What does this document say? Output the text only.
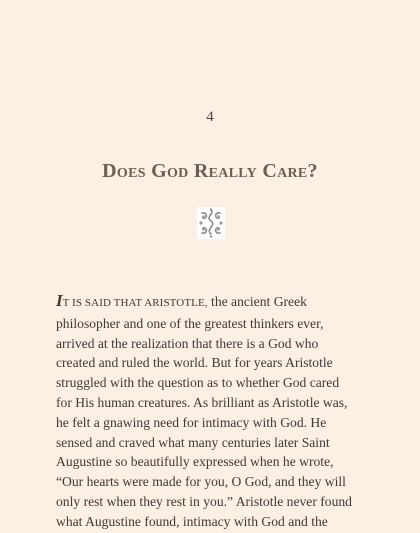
4
Does God Really Care?
IT IS SAID THAT ARISTOTLE, the ancient Greek
philosopher and one of the greatest thinkers ever,
arrived at the realization that there is a God who
created and ruled the world. But for years Aristotle
struggled with the question as to whether God cared
for His human creatures. As brilliant as Aristotle was,
he felt a gnawing need for intimacy with God. He
sensed and craved what many centuries later Saint
Augustine so beautifully expressed when he wrote,
“Our hearts were made for you, O God, and they will
only rest when they rest in you.” Aristotle never found
what Augustine found, intimacy with God and the
